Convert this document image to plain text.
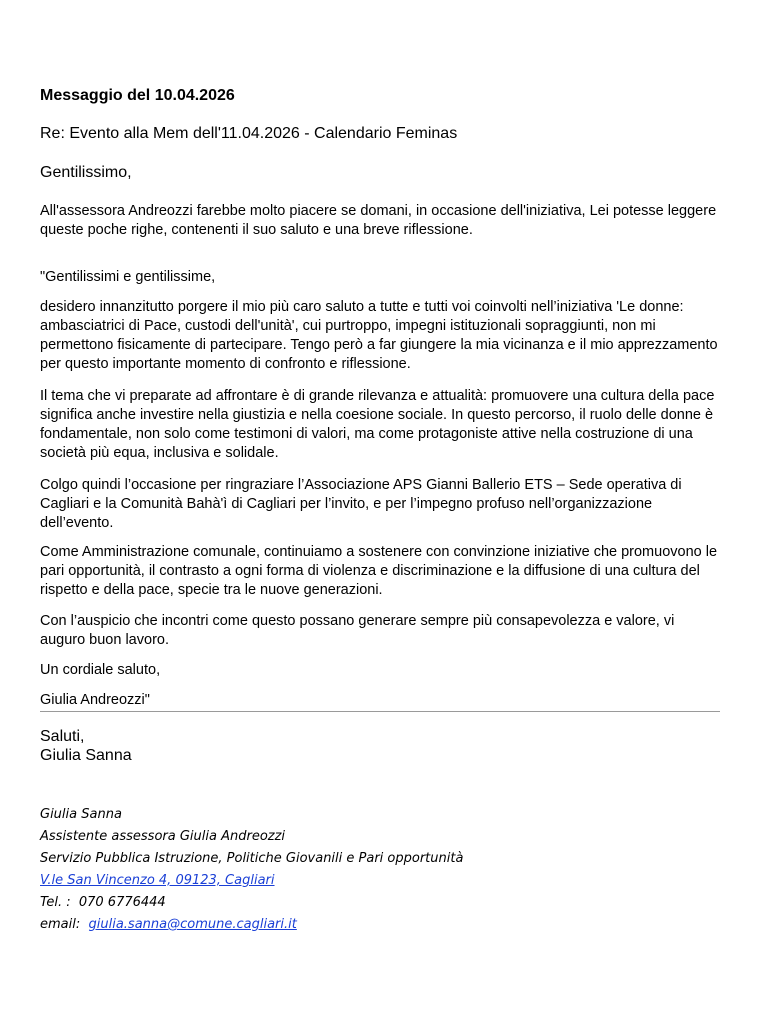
Messaggio del 10.04.2026
Re: Evento alla Mem dell'11.04.2026 - Calendario Feminas
Gentilissimo,

All'assessora Andreozzi farebbe molto piacere se domani, in occasione dell'iniziativa, Lei potesse leggere queste poche righe, contenenti il suo saluto e una breve riflessione.

"Gentilissimi e gentilissime,

desidero innanzitutto porgere il mio più caro saluto a tutte e tutti voi coinvolti nell’iniziativa 'Le donne: ambasciatrici di Pace, custodi dell'unità', cui purtroppo, impegni istituzionali sopraggiunti, non mi permettono fisicamente di partecipare. Tengo però a far giungere la mia vicinanza e il mio apprezzamento per questo importante momento di confronto e riflessione.

Il tema che vi preparate ad affrontare è di grande rilevanza e attualità: promuovere una cultura della pace significa anche investire nella giustizia e nella coesione sociale. In questo percorso, il ruolo delle donne è fondamentale, non solo come testimoni di valori, ma come protagoniste attive nella costruzione di una società più equa, inclusiva e solidale.

Colgo quindi l’occasione per ringraziare l’Associazione APS Gianni Ballerio ETS – Sede operativa di Cagliari e la Comunità Bahà'ì di Cagliari per l’invito, e per l’impegno profuso nell’organizzazione dell’evento.

Come Amministrazione comunale, continuiamo a sostenere con convinzione iniziative che promuovono le pari opportunità, il contrasto a ogni forma di violenza e discriminazione e la diffusione di una cultura del rispetto e della pace, specie tra le nuove generazioni.

Con l’auspicio che incontri come questo possano generare sempre più consapevolezza e valore, vi auguro buon lavoro.

Un cordiale saluto,

Giulia Andreozzi"

Saluti,
Giulia Sanna
Giulia Sanna
Assistente assessora Giulia Andreozzi
Servizio Pubblica Istruzione, Politiche Giovanili e Pari opportunità
V.le San Vincenzo 4, 09123, Cagliari
Tel. :  070 6776444
email:  giulia.sanna@comune.cagliari.it
